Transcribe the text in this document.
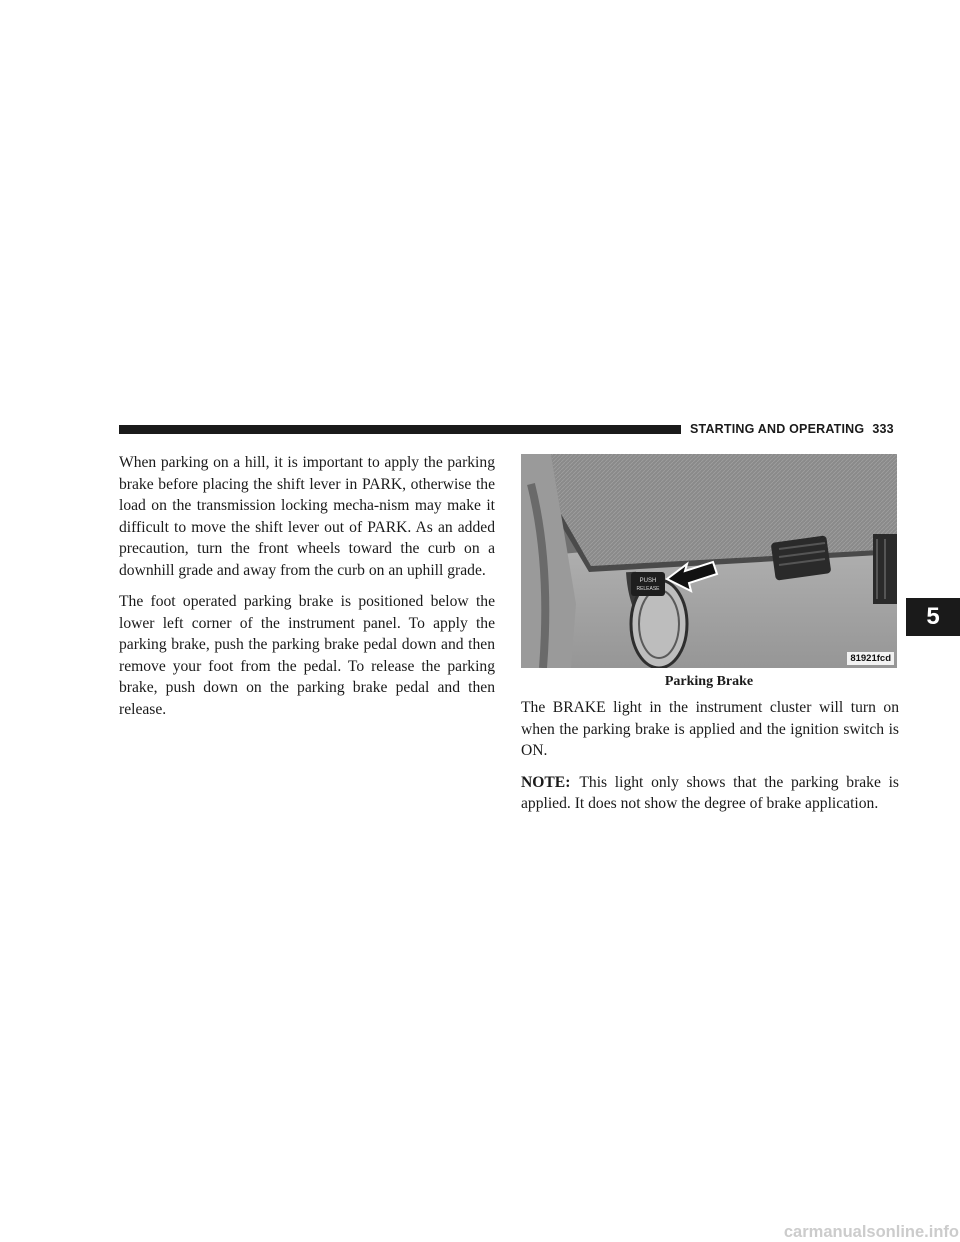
STARTING AND OPERATING 333

When parking on a hill, it is important to apply the parking brake before placing the shift lever in PARK, otherwise the load on the transmission locking mecha-nism may make it difficult to move the shift lever out of PARK. As an added precaution, turn the front wheels toward the curb on a downhill grade and away from the curb on an uphill grade.

The foot operated parking brake is positioned below the lower left corner of the instrument panel. To apply the parking brake, push the parking brake pedal down and then remove your foot from the pedal. To release the parking brake, push down on the parking brake pedal and then release.

PUSH
RELEASE
81921fcd
Parking Brake

The BRAKE light in the instrument cluster will turn on when the parking brake is applied and the ignition switch is ON.

NOTE: This light only shows that the parking brake is applied. It does not show the degree of brake application.

5
carmanualsonline.info
